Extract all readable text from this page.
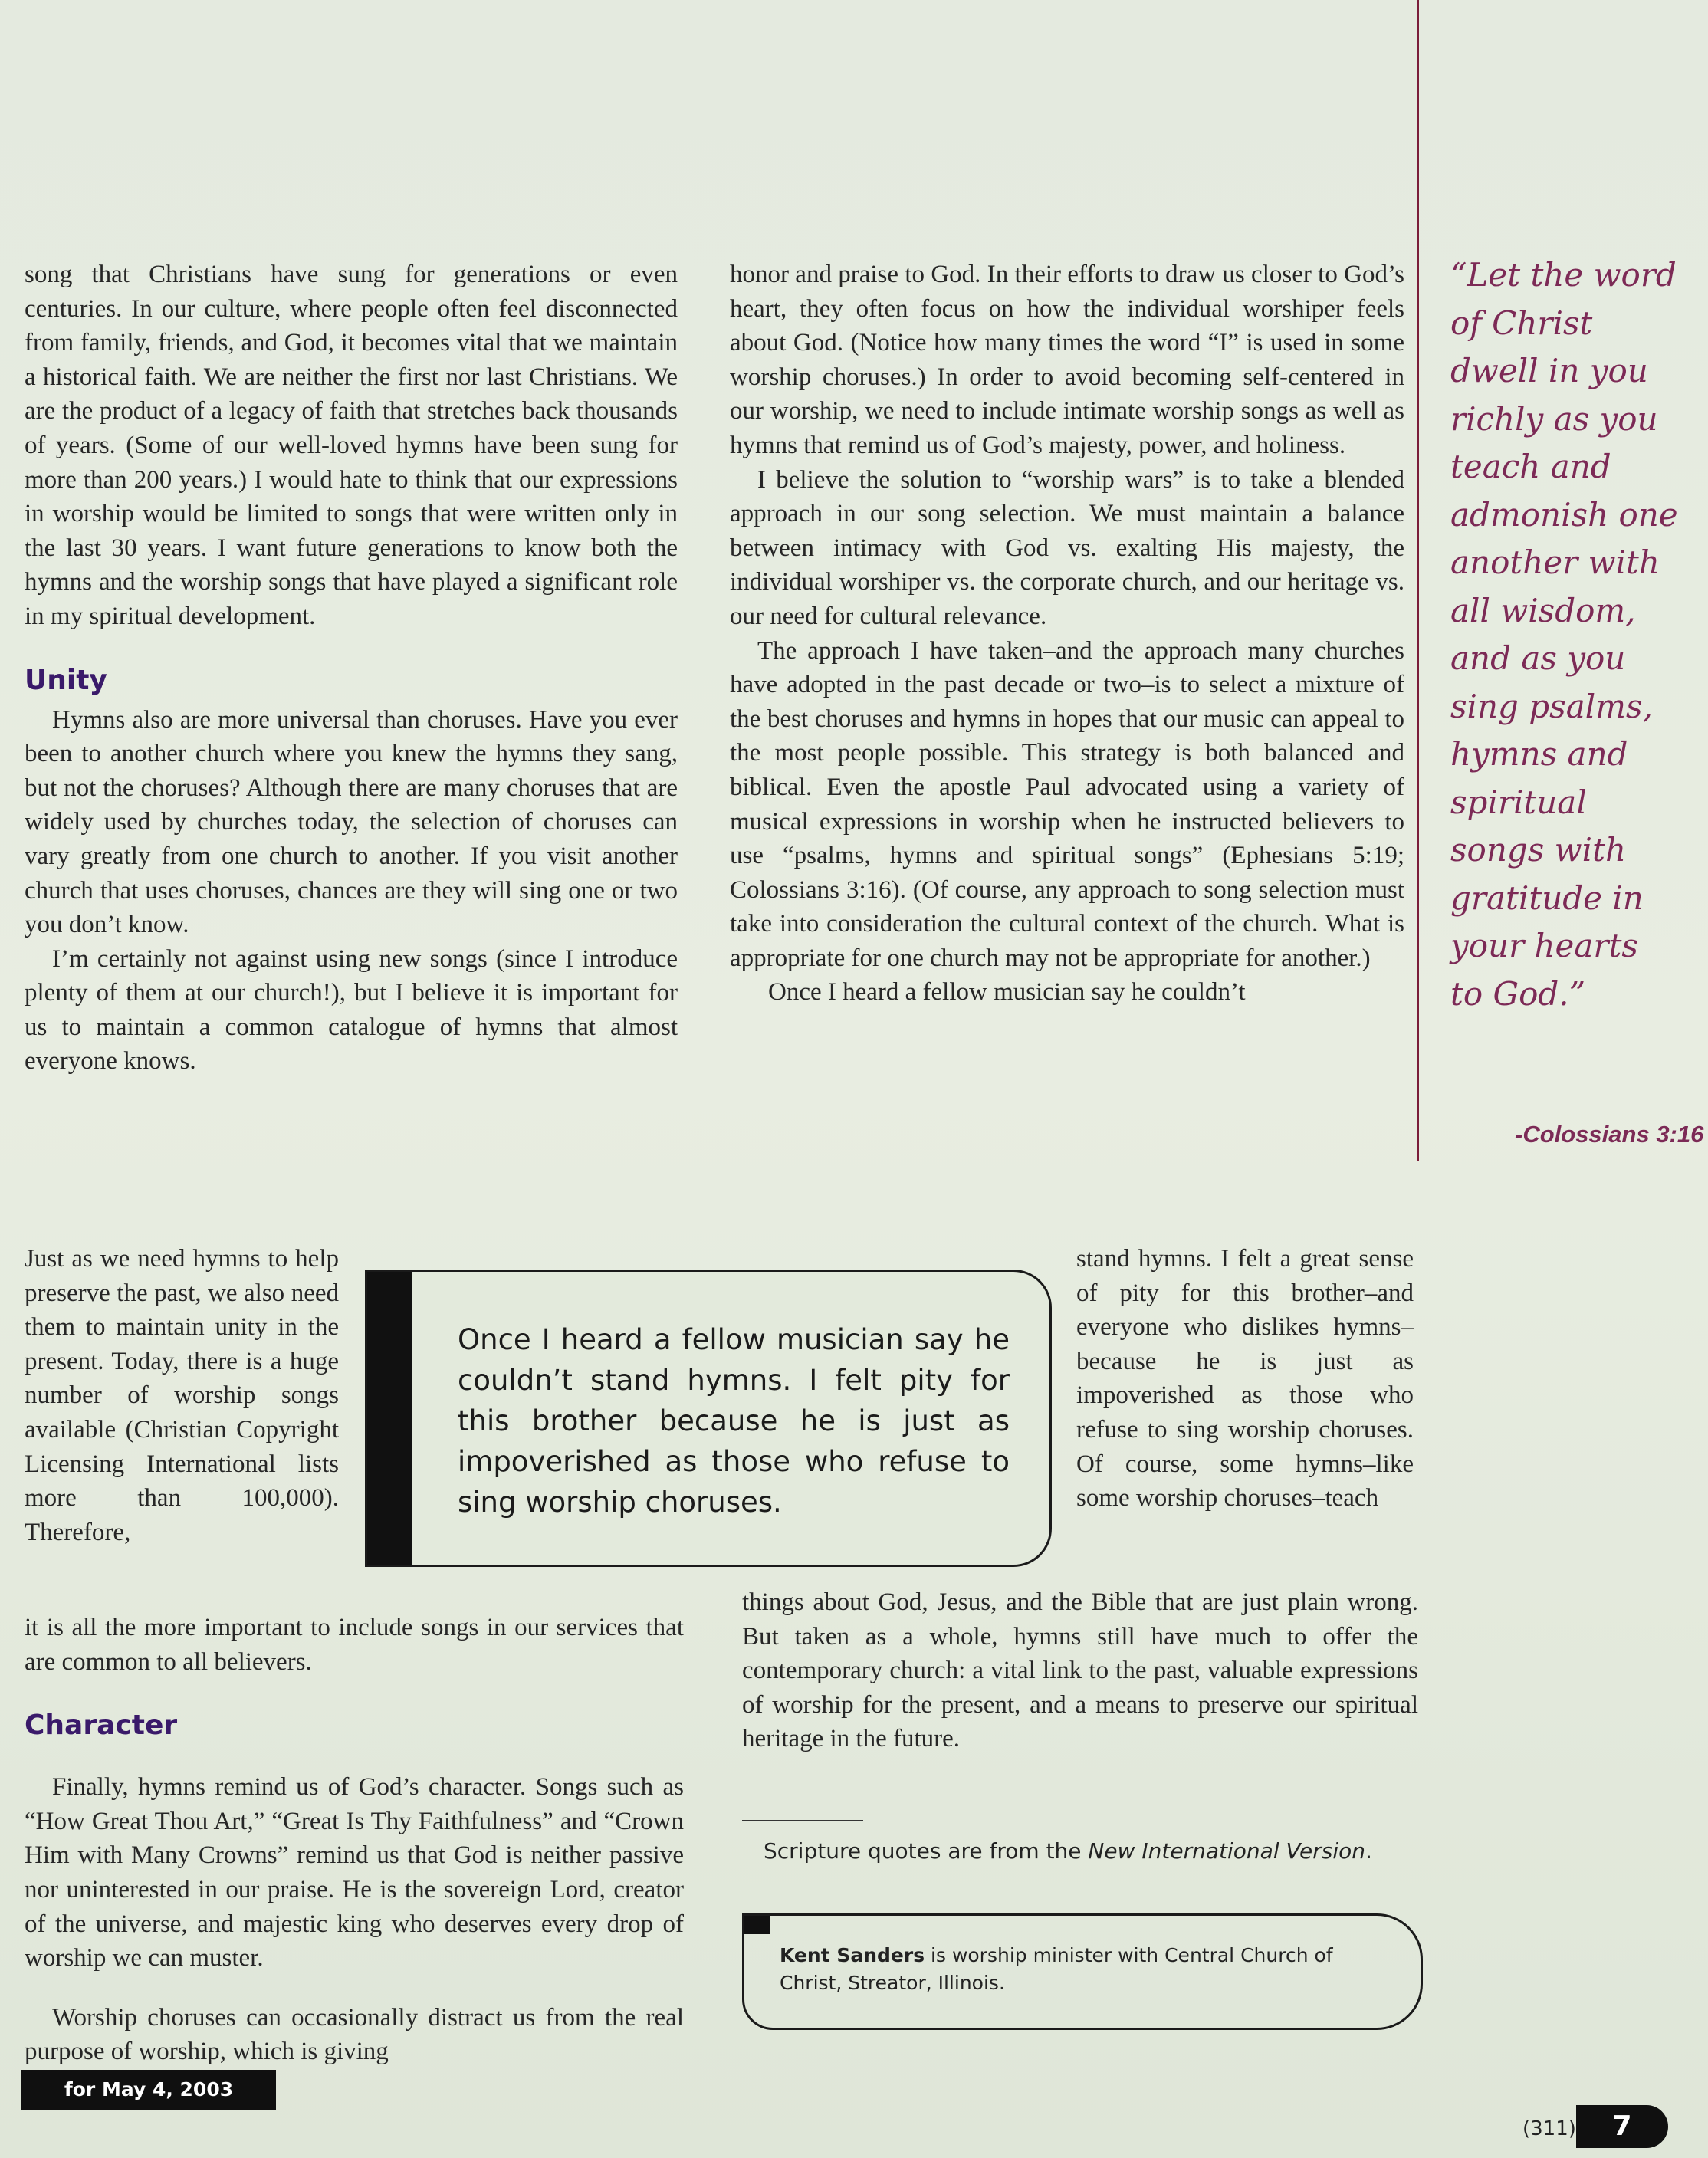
song that Christians have sung for generations or even centuries. In our culture, where people often feel disconnected from family, friends, and God, it becomes vital that we maintain a historical faith. We are neither the first nor last Christians. We are the product of a legacy of faith that stretches back thousands of years. (Some of our well-loved hymns have been sung for more than 200 years.) I would hate to think that our expressions in worship would be limited to songs that were written only in the last 30 years. I want future generations to know both the hymns and the worship songs that have played a significant role in my spiritual development.

Unity

Hymns also are more universal than choruses. Have you ever been to another church where you knew the hymns they sang, but not the choruses? Although there are many choruses that are widely used by churches today, the selection of choruses can vary greatly from one church to another. If you visit another church that uses choruses, chances are they will sing one or two you don’t know.

I’m certainly not against using new songs (since I introduce plenty of them at our church!), but I believe it is important for us to maintain a common catalogue of hymns that almost everyone knows.

Just as we need hymns to help preserve the past, we also need them to maintain unity in the present. Today, there is a huge number of worship songs available (Christian Copyright Licensing International lists more than 100,000). Therefore,

it is all the more important to include songs in our services that are common to all believers.

Character

Finally, hymns remind us of God’s character. Songs such as “How Great Thou Art,” “Great Is Thy Faithfulness” and “Crown Him with Many Crowns” remind us that God is neither passive nor uninterested in our praise. He is the sovereign Lord, creator of the universe, and majestic king who deserves every drop of worship we can muster.

Worship choruses can occasionally distract us from the real purpose of worship, which is giving

honor and praise to God. In their efforts to draw us closer to God’s heart, they often focus on how the individual worshiper feels about God. (Notice how many times the word “I” is used in some worship choruses.) In order to avoid becoming self-centered in our worship, we need to include intimate worship songs as well as hymns that remind us of God’s majesty, power, and holiness.

I believe the solution to “worship wars” is to take a blended approach in our song selection. We must maintain a balance between intimacy with God vs. exalting His majesty, the individual worshiper vs. the corporate church, and our heritage vs. our need for cultural relevance.

The approach I have taken–and the approach many churches have adopted in the past decade or two–is to select a mixture of the best choruses and hymns in hopes that our music can appeal to the most people possible. This strategy is both balanced and biblical. Even the apostle Paul advocated using a variety of musical expressions in worship when he instructed believers to use “psalms, hymns and spiritual songs” (Ephesians 5:19; Colossians 3:16). (Of course, any approach to song selection must take into consideration the cultural context of the church. What is appropriate for one church may not be appropriate for another.)

Once I heard a fellow musician say he couldn’t

stand hymns. I felt a great sense of pity for this brother–and everyone who dislikes hymns–because he is just as impoverished as those who refuse to sing worship choruses. Of course, some hymns–like some worship choruses–teach
things about God, Jesus, and the Bible that are just plain wrong. But taken as a whole, hymns still have much to offer the contemporary church: a vital link to the past, valuable expressions of worship for the present, and a means to preserve our spiritual heritage in the future.
Once I heard a fellow musician say he couldn’t stand hymns. I felt pity for this brother because he is just as impoverished as those who refuse to sing worship choruses.
“Let the word of Christ dwell in you richly as you teach and admonish one another with all wisdom, and as you sing psalms, hymns and spiritual songs with gratitude in your hearts to God.”
-Colossians 3:16
Scripture quotes are from the New International Version.
Kent Sanders is worship minister with Central Church of Christ, Streator, Illinois.
for May 4, 2003
(311)	7
